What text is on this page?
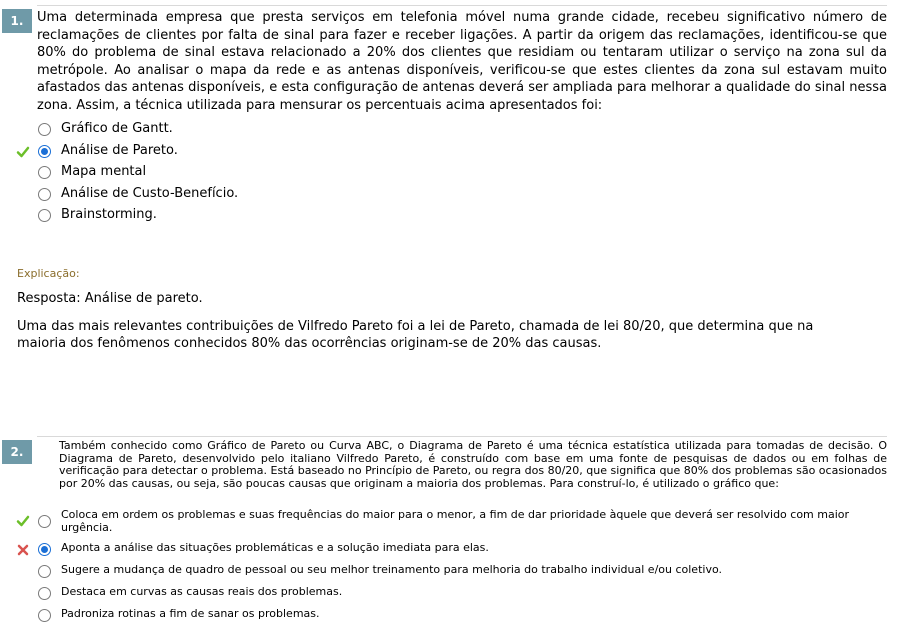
1.	Uma determinada empresa que presta serviços em telefonia móvel numa grande cidade, recebeu significativo número de reclamações de clientes por falta de sinal para fazer e receber ligações. A partir da origem das reclamações, identificou-se que 80% do problema de sinal estava relacionado a 20% dos clientes que residiam ou tentaram utilizar o serviço na zona sul da metrópole. Ao analisar o mapa da rede e as antenas disponíveis, verificou-se que estes clientes da zona sul estavam muito afastados das antenas disponíveis, e esta configuração de antenas deverá ser ampliada para melhorar a qualidade do sinal nessa zona. Assim, a técnica utilizada para mensurar os percentuais acima apresentados foi:

Gráfico de Gantt.
Análise de Pareto.
Mapa mental
Análise de Custo-Benefício.
Brainstorming.
Explicação:
Resposta: Análise de pareto.

Uma das mais relevantes contribuições de Vilfredo Pareto foi a lei de Pareto, chamada de lei 80/20, que determina que na maioria dos fenômenos conhecidos 80% das ocorrências originam-se de 20% das causas.

2.	Também conhecido como Gráfico de Pareto ou Curva ABC, o Diagrama de Pareto é uma técnica estatística utilizada para tomadas de decisão. O Diagrama de Pareto, desenvolvido pelo italiano Vilfredo Pareto, é construído com base em uma fonte de pesquisas de dados ou em folhas de verificação para detectar o problema. Está baseado no Princípio de Pareto, ou regra dos 80/20, que significa que 80% dos problemas são ocasionados por 20% das causas, ou seja, são poucas causas que originam a maioria dos problemas. Para construí-lo, é utilizado o gráfico que:

Coloca em ordem os problemas e suas frequências do maior para o menor, a fim de dar prioridade àquele que deverá ser resolvido com maior urgência.
Aponta a análise das situações problemáticas e a solução imediata para elas.
Sugere a mudança de quadro de pessoal ou seu melhor treinamento para melhoria do trabalho individual e/ou coletivo.
Destaca em curvas as causas reais dos problemas.
Padroniza rotinas a fim de sanar os problemas.
